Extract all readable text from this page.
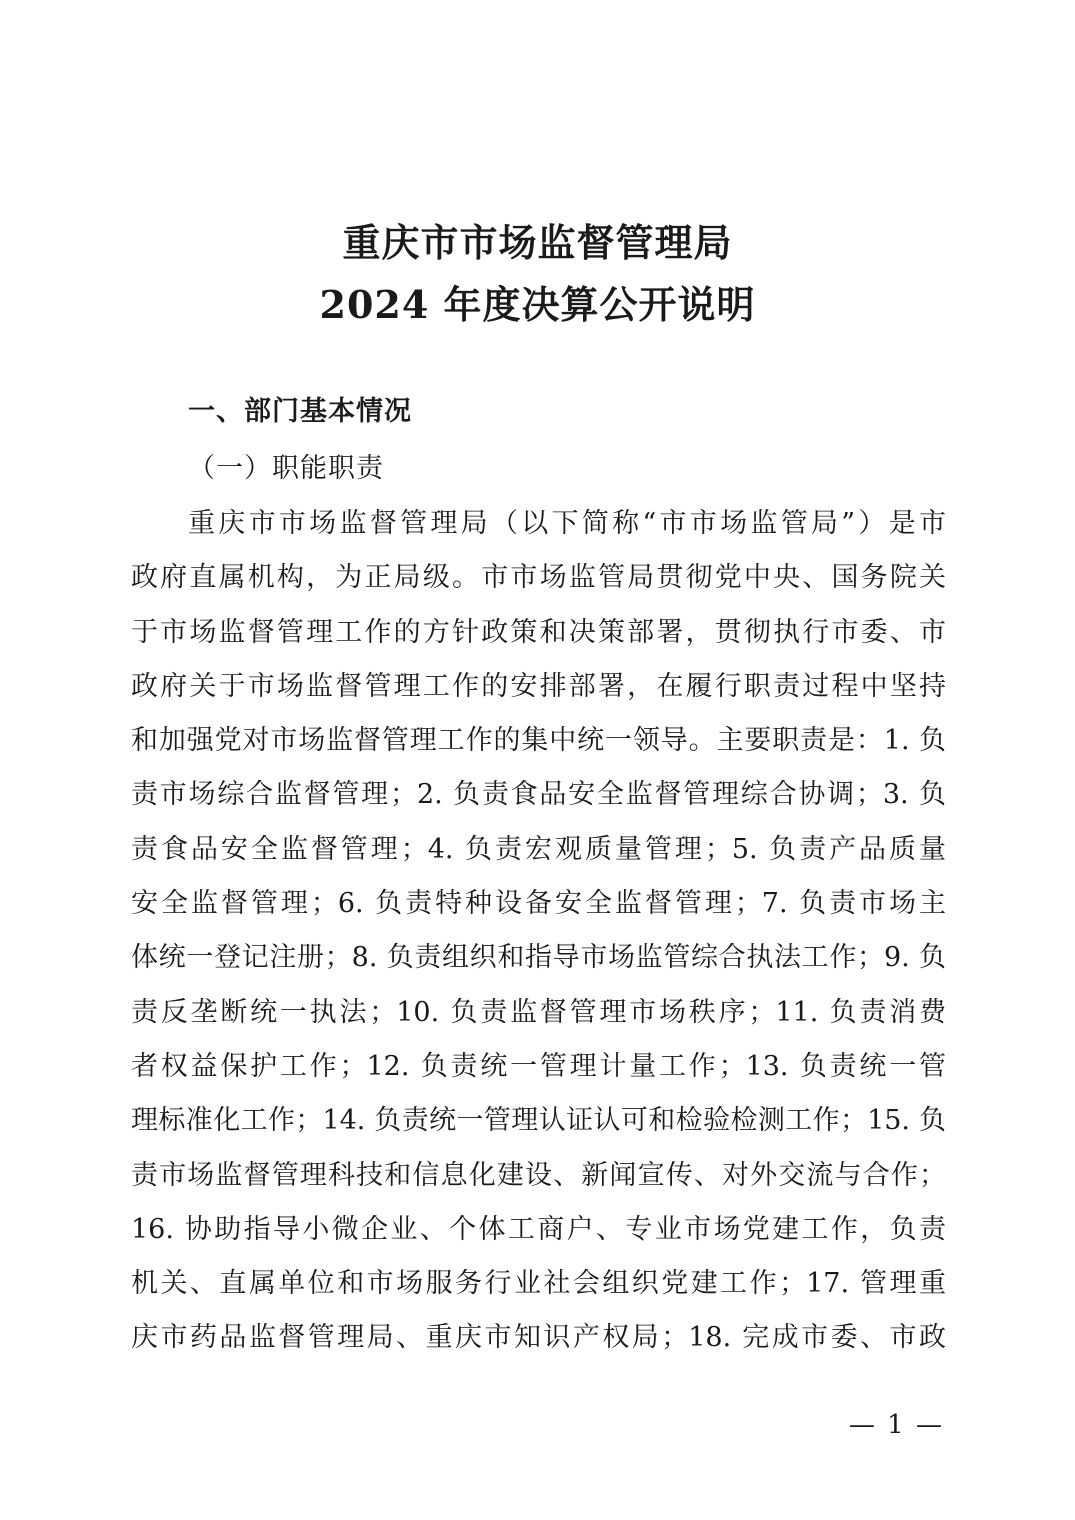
重庆市市场监督管理局
2024 年度决算公开说明
一、部门基本情况
（一）职能职责
重庆市市场监督管理局（以下简称“市市场监管局”）是市
政府直属机构，为正局级。市市场监管局贯彻党中央、国务院关
于市场监督管理工作的方针政策和决策部署，贯彻执行市委、市
政府关于市场监督管理工作的安排部署，在履行职责过程中坚持
和加强党对市场监督管理工作的集中统一领导。主要职责是：1. 负
责市场综合监督管理；2. 负责食品安全监督管理综合协调；3. 负
责食品安全监督管理；4. 负责宏观质量管理；5. 负责产品质量
安全监督管理；6. 负责特种设备安全监督管理；7. 负责市场主
体统一登记注册；8. 负责组织和指导市场监管综合执法工作；9. 负
责反垄断统一执法；10. 负责监督管理市场秩序；11. 负责消费
者权益保护工作；12. 负责统一管理计量工作；13. 负责统一管
理标准化工作；14. 负责统一管理认证认可和检验检测工作；15. 负
责市场监督管理科技和信息化建设、新闻宣传、对外交流与合作；
16. 协助指导小微企业、个体工商户、专业市场党建工作，负责
机关、直属单位和市场服务行业社会组织党建工作；17. 管理重
庆市药品监督管理局、重庆市知识产权局；18. 完成市委、市政
— 1 —
